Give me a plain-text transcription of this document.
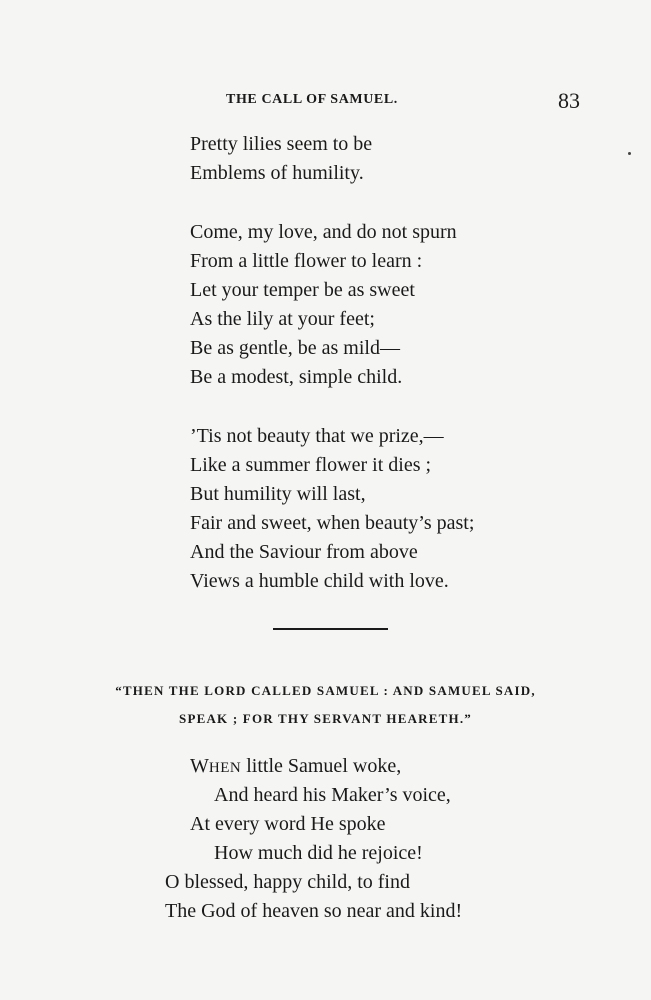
THE CALL OF SAMUEL.	83
Pretty lilies seem to be
Emblems of humility.
Come, my love, and do not spurn
From a little flower to learn :
Let your temper be as sweet
As the lily at your feet;
Be as gentle, be as mild—
Be a modest, simple child.
’Tis not beauty that we prize,—
Like a summer flower it dies ;
But humility will last,
Fair and sweet, when beauty’s past;
And the Saviour from above
Views a humble child with love.
“THEN THE LORD CALLED SAMUEL : AND SAMUEL SAID,
SPEAK ; FOR THY SERVANT HEARETH.”
WHEN little Samuel woke,
And heard his Maker’s voice,
At every word He spoke
How much did he rejoice!
O blessed, happy child, to find
The God of heaven so near and kind!
